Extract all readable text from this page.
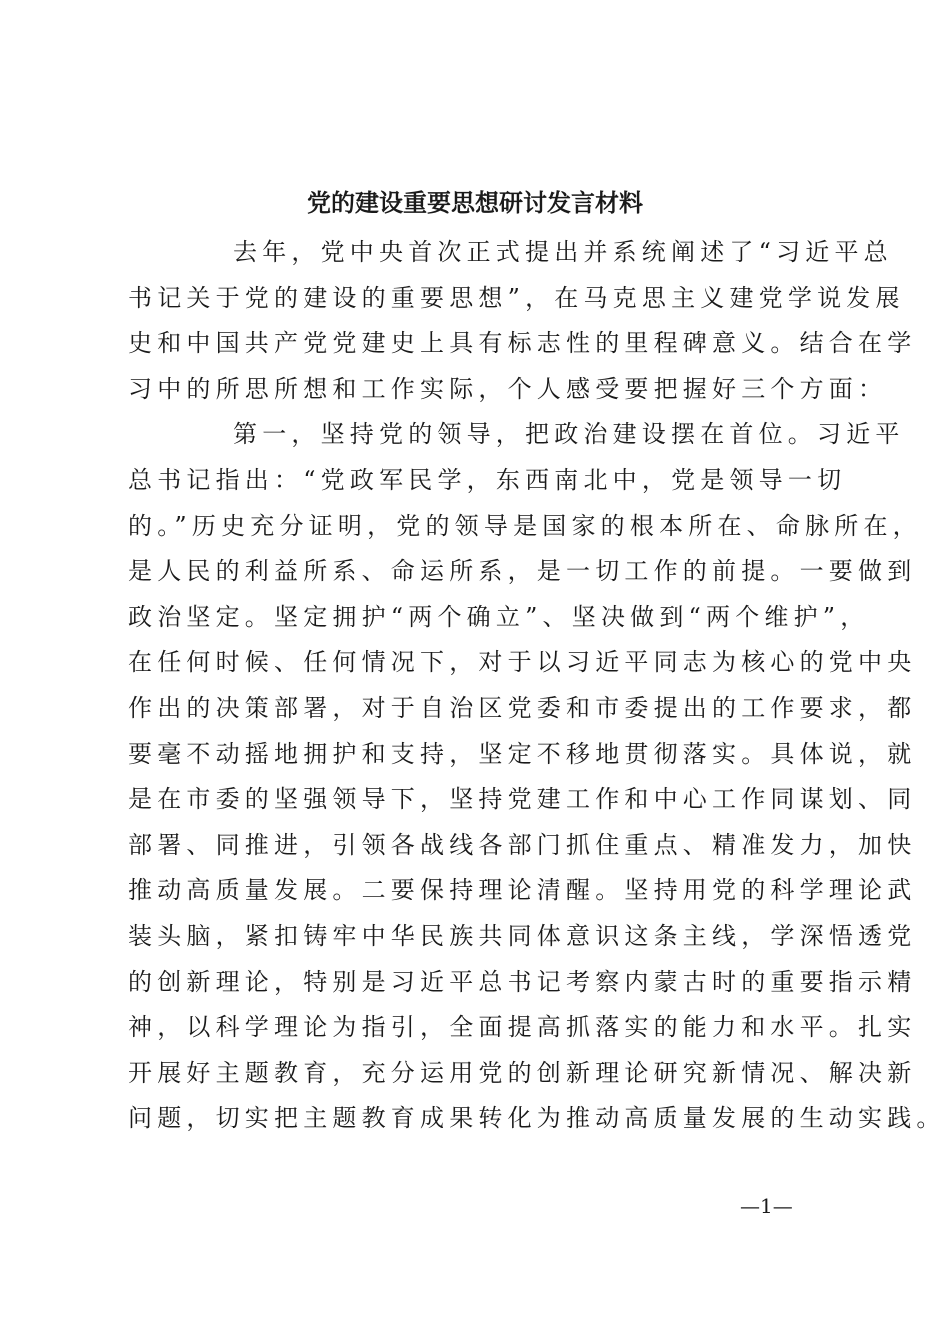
党的建设重要思想研讨发言材料
去年，党中央首次正式提出并系统阐述了“习近平总
书记关于党的建设的重要思想”，在马克思主义建党学说发展
史和中国共产党党建史上具有标志性的里程碑意义。结合在学
习中的所思所想和工作实际，个人感受要把握好三个方面：
第一，坚持党的领导，把政治建设摆在首位。习近平
总书记指出：“党政军民学，东西南北中，党是领导一切
的。”历史充分证明，党的领导是国家的根本所在、命脉所在，
是人民的利益所系、命运所系，是一切工作的前提。一要做到
政治坚定。坚定拥护“两个确立”、坚决做到“两个维护”，
在任何时候、任何情况下，对于以习近平同志为核心的党中央
作出的决策部署，对于自治区党委和市委提出的工作要求，都
要毫不动摇地拥护和支持，坚定不移地贯彻落实。具体说，就
是在市委的坚强领导下，坚持党建工作和中心工作同谋划、同
部署、同推进，引领各战线各部门抓住重点、精准发力，加快
推动高质量发展。二要保持理论清醒。坚持用党的科学理论武
装头脑，紧扣铸牢中华民族共同体意识这条主线，学深悟透党
的创新理论，特别是习近平总书记考察内蒙古时的重要指示精
神，以科学理论为指引，全面提高抓落实的能力和水平。扎实
开展好主题教育，充分运用党的创新理论研究新情况、解决新
问题，切实把主题教育成果转化为推动高质量发展的生动实践。
—1—
